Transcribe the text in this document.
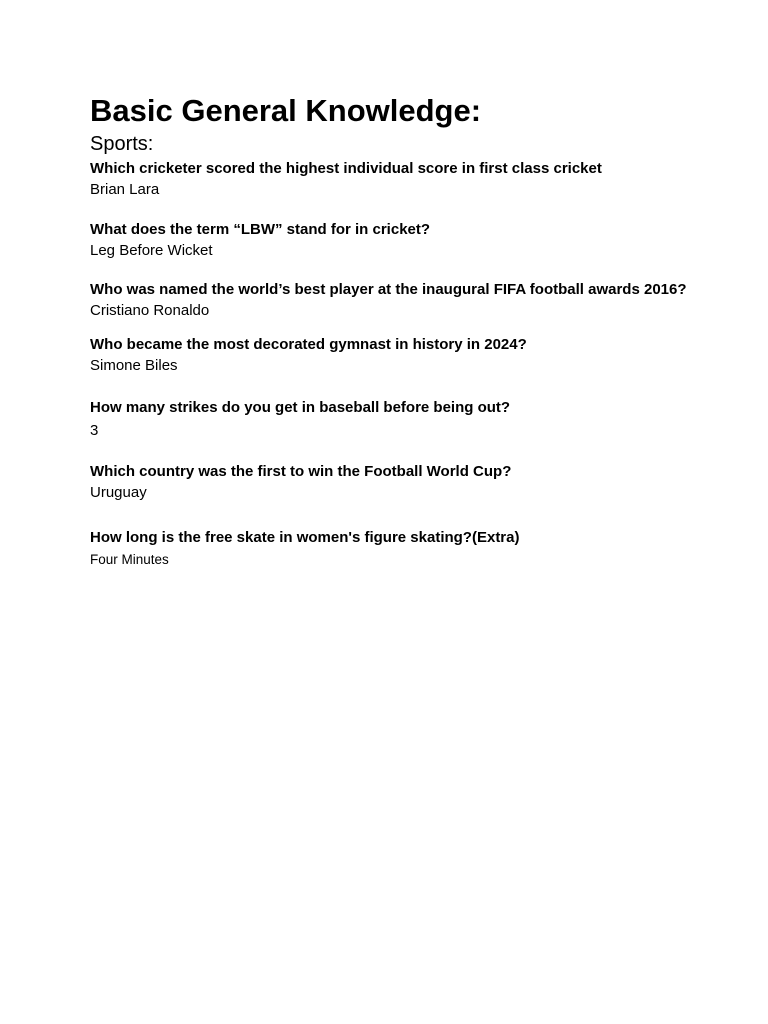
Basic General Knowledge:
Sports:
Which cricketer scored the highest individual score in first class cricket
Brian Lara
What does the term “LBW” stand for in cricket?
Leg Before Wicket
Who was named the world’s best player at the inaugural FIFA football awards 2016?
Cristiano Ronaldo
Who became the most decorated gymnast in history in 2024?
Simone Biles
How many strikes do you get in baseball before being out?
3
Which country was the first to win the Football World Cup?
Uruguay
How long is the free skate in women's figure skating?(Extra)
Four Minutes
